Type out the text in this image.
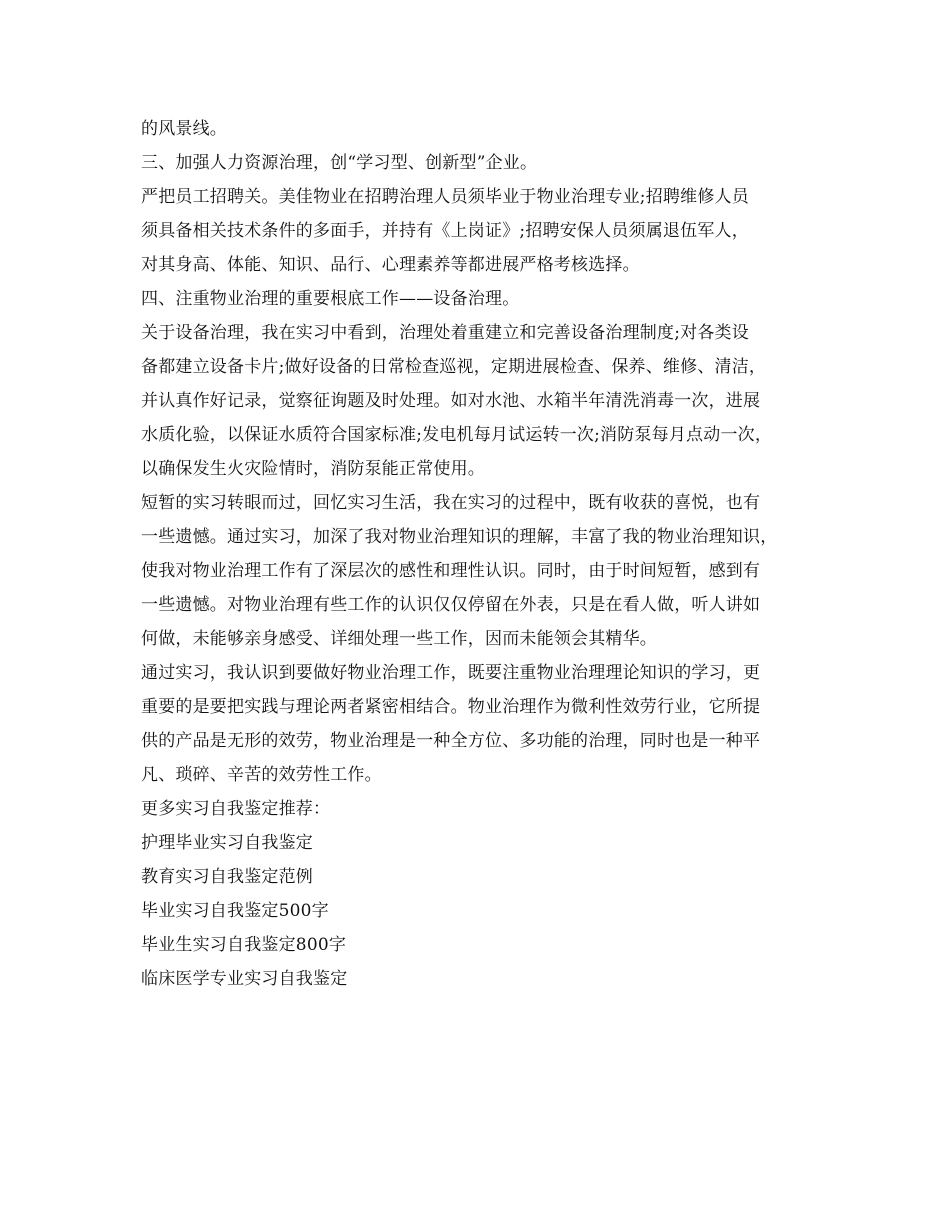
的风景线。
三、加强人力资源治理，创“学习型、创新型”企业。
严把员工招聘关。美佳物业在招聘治理人员须毕业于物业治理专业;招聘维修人员
须具备相关技术条件的多面手，并持有《上岗证》;招聘安保人员须属退伍军人，
对其身高、体能、知识、品行、心理素养等都进展严格考核选择。
四、注重物业治理的重要根底工作——设备治理。
关于设备治理，我在实习中看到，治理处着重建立和完善设备治理制度;对各类设
备都建立设备卡片;做好设备的日常检查巡视，定期进展检查、保养、维修、清洁，
并认真作好记录，觉察征询题及时处理。如对水池、水箱半年清洗消毒一次，进展
水质化验，以保证水质符合国家标准;发电机每月试运转一次;消防泵每月点动一次，
以确保发生火灾险情时，消防泵能正常使用。
短暂的实习转眼而过，回忆实习生活，我在实习的过程中，既有收获的喜悦，也有
一些遗憾。通过实习，加深了我对物业治理知识的理解，丰富了我的物业治理知识，
使我对物业治理工作有了深层次的感性和理性认识。同时，由于时间短暂，感到有
一些遗憾。对物业治理有些工作的认识仅仅停留在外表，只是在看人做，听人讲如
何做，未能够亲身感受、详细处理一些工作，因而未能领会其精华。
通过实习，我认识到要做好物业治理工作，既要注重物业治理理论知识的学习，更
重要的是要把实践与理论两者紧密相结合。物业治理作为微利性效劳行业，它所提
供的产品是无形的效劳，物业治理是一种全方位、多功能的治理，同时也是一种平
凡、琐碎、辛苦的效劳性工作。
更多实习自我鉴定推荐：
护理毕业实习自我鉴定
教育实习自我鉴定范例
毕业实习自我鉴定500字
毕业生实习自我鉴定800字
临床医学专业实习自我鉴定
